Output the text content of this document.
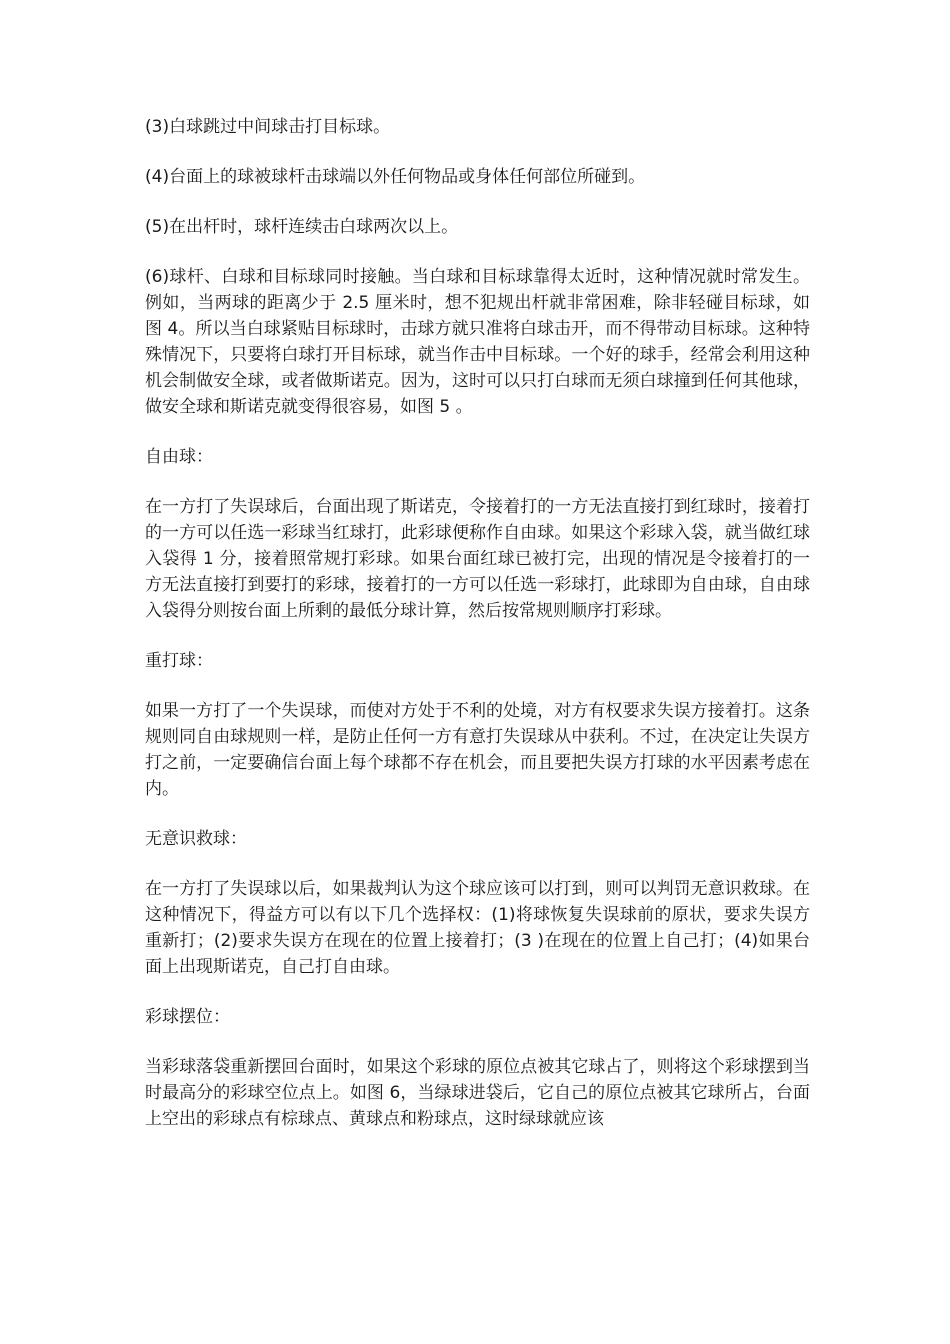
(3)白球跳过中间球击打目标球。

(4)台面上的球被球杆击球端以外任何物品或身体任何部位所碰到。

(5)在出杆时，球杆连续击白球两次以上。

(6)球杆、白球和目标球同时接触。当白球和目标球靠得太近时，这种情况就时常发生。例如，当两球的距离少于 2.5 厘米时，想不犯规出杆就非常困难，除非轻碰目标球，如图 4。所以当白球紧贴目标球时，击球方就只准将白球击开，而不得带动目标球。这种特殊情况下，只要将白球打开目标球，就当作击中目标球。一个好的球手，经常会利用这种机会制做安全球，或者做斯诺克。因为，这时可以只打白球而无须白球撞到任何其他球，做安全球和斯诺克就变得很容易，如图 5 。

自由球：

在一方打了失误球后，台面出现了斯诺克，令接着打的一方无法直接打到红球时，接着打的一方可以任选一彩球当红球打，此彩球便称作自由球。如果这个彩球入袋，就当做红球入袋得 1 分，接着照常规打彩球。如果台面红球已被打完，出现的情况是令接着打的一方无法直接打到要打的彩球，接着打的一方可以任选一彩球打，此球即为自由球，自由球入袋得分则按台面上所剩的最低分球计算，然后按常规则顺序打彩球。

重打球：

如果一方打了一个失误球，而使对方处于不利的处境，对方有权要求失误方接着打。这条规则同自由球规则一样，是防止任何一方有意打失误球从中获利。不过，在决定让失误方打之前，一定要确信台面上每个球都不存在机会，而且要把失误方打球的水平因素考虑在内。

无意识救球：

在一方打了失误球以后，如果裁判认为这个球应该可以打到，则可以判罚无意识救球。在这种情况下，得益方可以有以下几个选择权：(1)将球恢复失误球前的原状，要求失误方重新打；(2)要求失误方在现在的位置上接着打；(3 )在现在的位置上自己打；(4)如果台面上出现斯诺克，自己打自由球。

彩球摆位：

当彩球落袋重新摆回台面时，如果这个彩球的原位点被其它球占了，则将这个彩球摆到当时最高分的彩球空位点上。如图 6，当绿球进袋后，它自己的原位点被其它球所占，台面上空出的彩球点有棕球点、黄球点和粉球点，这时绿球就应该
